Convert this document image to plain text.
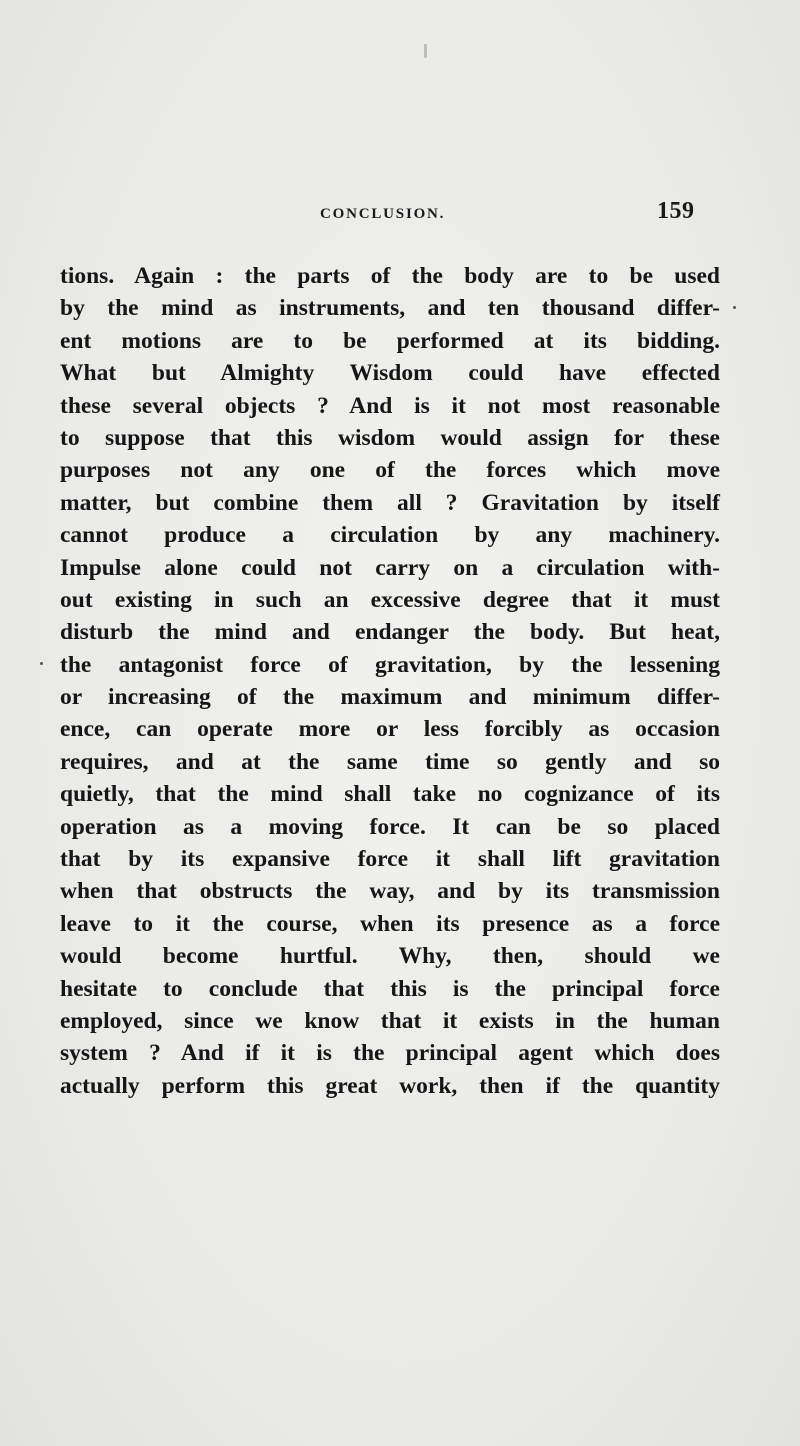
CONCLUSION.	159
tions. Again : the parts of the body are to be used
by the mind as instruments, and ten thousand differ-
ent motions are to be performed at its bidding.
What but Almighty Wisdom could have effected
these several objects ? And is it not most reasonable
to suppose that this wisdom would assign for these
purposes not any one of the forces which move
matter, but combine them all ? Gravitation by itself
cannot produce a circulation by any machinery.
Impulse alone could not carry on a circulation with-
out existing in such an excessive degree that it must
disturb the mind and endanger the body. But heat,
the antagonist force of gravitation, by the lessening
or increasing of the maximum and minimum differ-
ence, can operate more or less forcibly as occasion
requires, and at the same time so gently and so
quietly, that the mind shall take no cognizance of its
operation as a moving force. It can be so placed
that by its expansive force it shall lift gravitation
when that obstructs the way, and by its transmission
leave to it the course, when its presence as a force
would become hurtful. Why, then, should we
hesitate to conclude that this is the principal force
employed, since we know that it exists in the human
system ? And if it is the principal agent which does
actually perform this great work, then if the quantity
